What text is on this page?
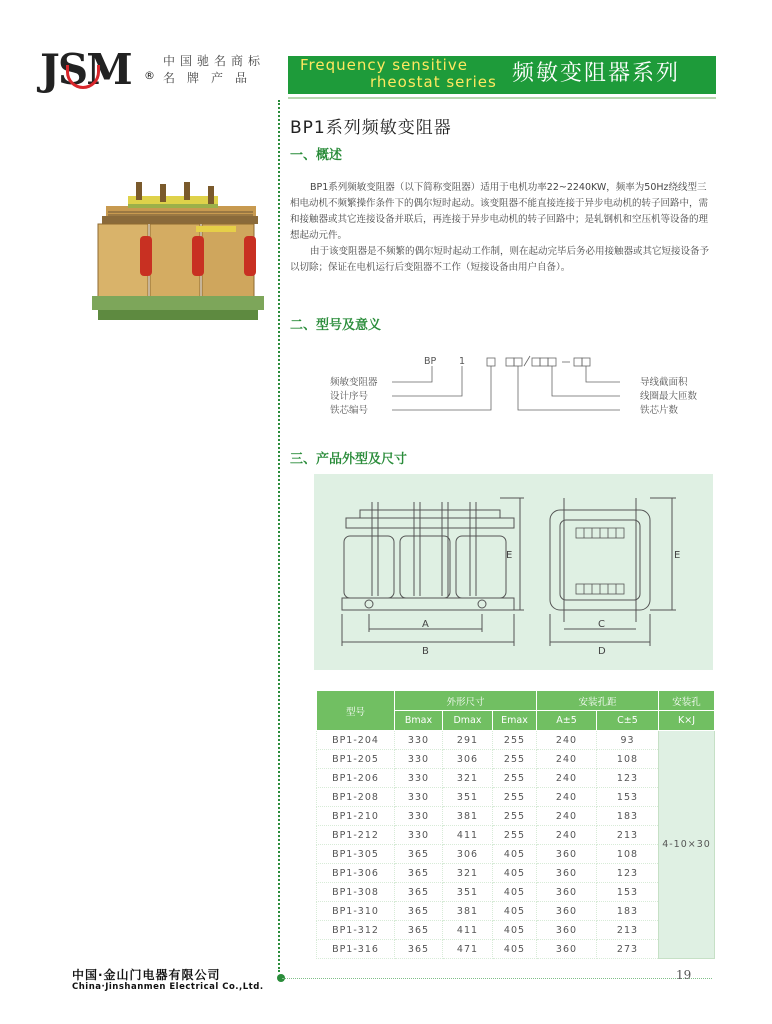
JSM ®
中国驰名商标
名牌产品
Frequency sensitive
rheostat series 频敏变阻器系列
BP1系列频敏变阻器
一、概述

BP1系列频敏变阻器（以下简称变阻器）适用于电机功率22~2240KW，频率为50Hz绕线型三相电动机不频繁操作条件下的偶尔短时起动。该变阻器不能直接连接于异步电动机的转子回路中，需和接触器或其它连接设备并联后，再连接于异步电动机的转子回路中；是轧钢机和空压机等设备的理想起动元件。

由于该变阻器是不频繁的偶尔短时起动工作制，则在起动完毕后务必用接触器或其它短接设备予以切除；保证在电机运行后变阻器不工作（短接设备由用户自备）。

二、型号及意义
BP 1
频敏变阻器
设计序号
铁芯编号
导线截面积
线圈最大匝数
铁芯片数
三、产品外型及尺寸
A
B
C
D
E	E
型号	外形尺寸			安装孔距		安装孔
	Bmax	Dmax	Emax	A±5	C±5	K×J
BP1-204	330	291	255	240	93	4-10×30
BP1-205	330	306	255	240	108	
BP1-206	330	321	255	240	123	
BP1-208	330	351	255	240	153	
BP1-210	330	381	255	240	183	
BP1-212	330	411	255	240	213	
BP1-305	365	306	405	360	108	
BP1-306	365	321	405	360	123	
BP1-308	365	351	405	360	153	
BP1-310	365	381	405	360	183	
BP1-312	365	411	405	360	213	
BP1-316	365	471	405	360	273	
中国·金山门电器有限公司
China·Jinshanmen Electrical Co.,Ltd.
19
